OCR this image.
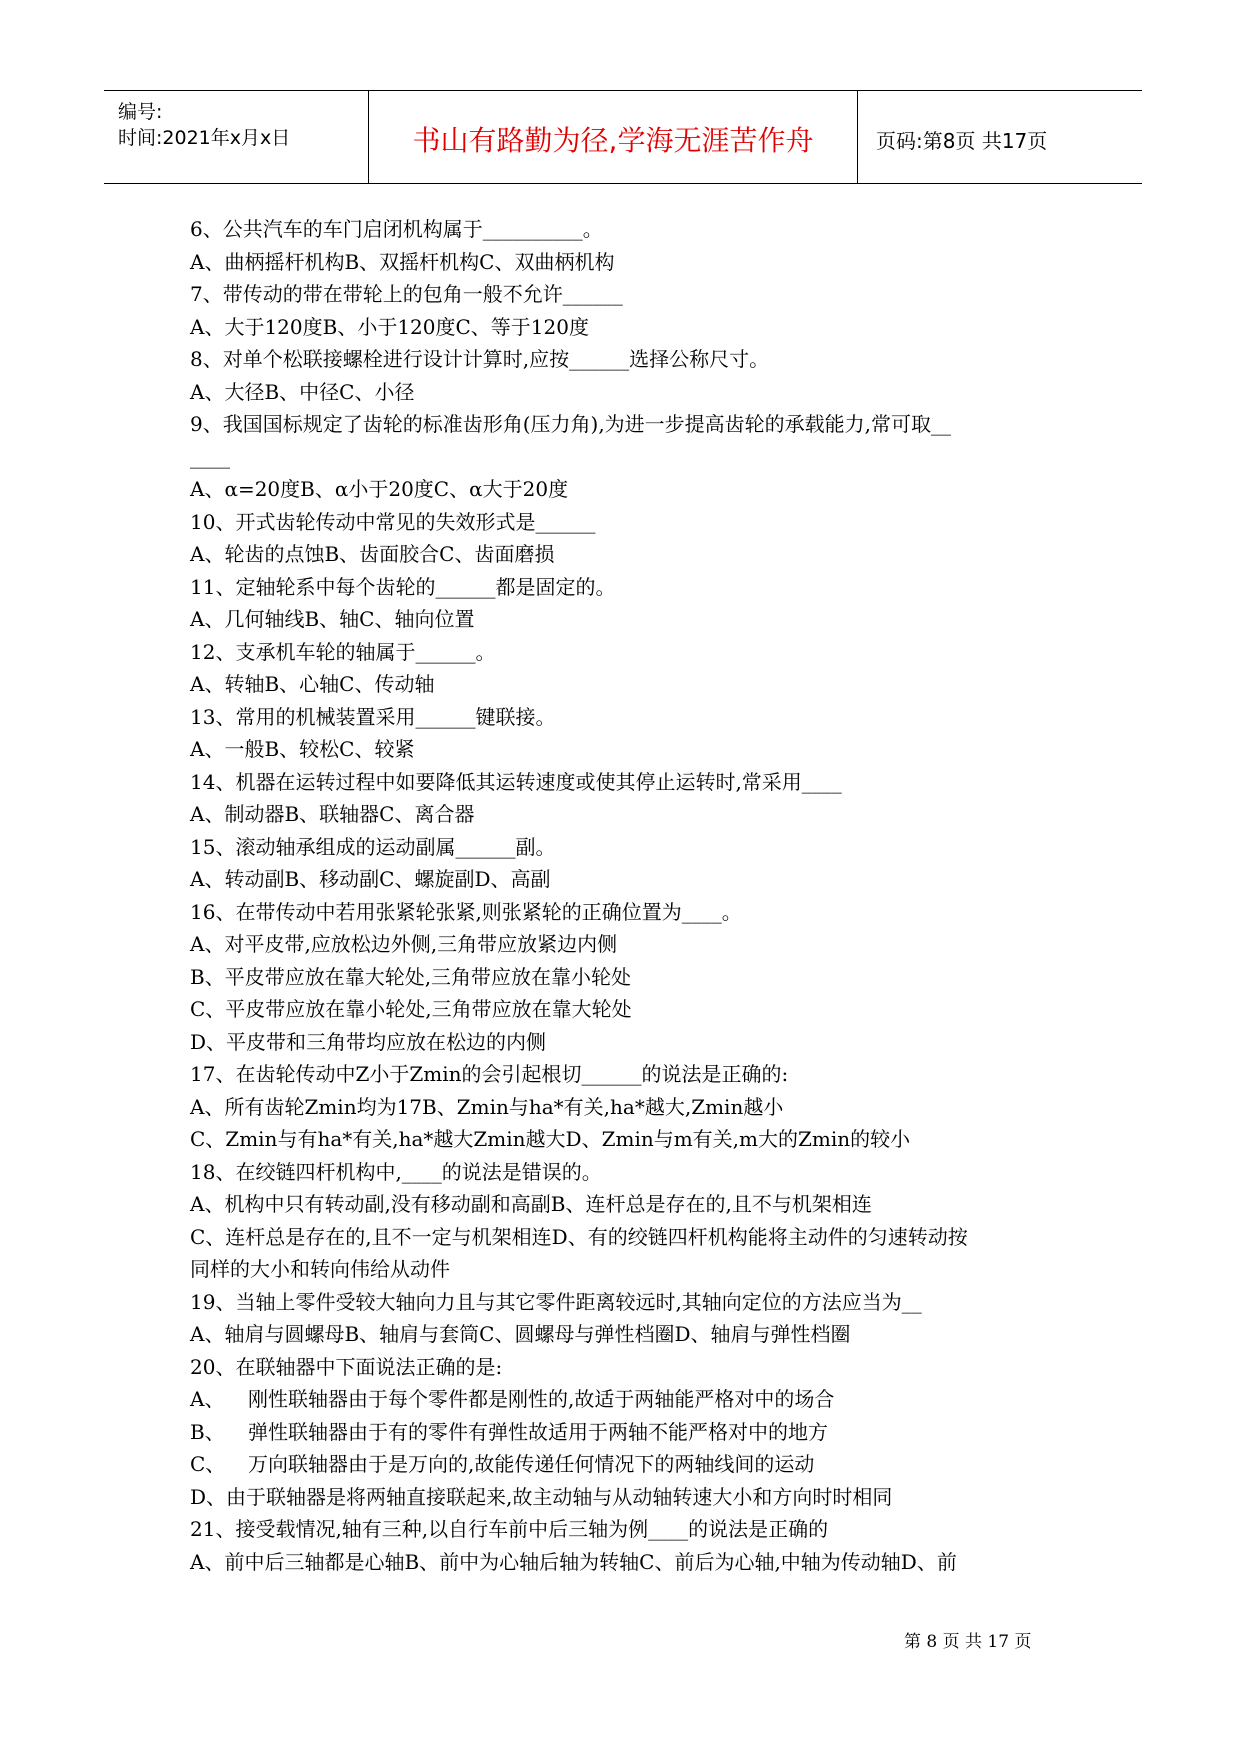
编号:
时间:2021年x月x日	书山有路勤为径,学海无涯苦作舟	页码:第8页 共17页
6、公共汽车的车门启闭机构属于__________。
A、曲柄摇杆机构B、双摇杆机构C、双曲柄机构
7、带传动的带在带轮上的包角一般不允许______
A、大于120度B、小于120度C、等于120度
8、对单个松联接螺栓进行设计计算时,应按______选择公称尺寸。
A、大径B、中径C、小径
9、我国国标规定了齿轮的标准齿形角(压力角),为进一步提高齿轮的承载能力,常可取__
____
A、α=20度B、α小于20度C、α大于20度
10、开式齿轮传动中常见的失效形式是______
A、轮齿的点蚀B、齿面胶合C、齿面磨损
11、定轴轮系中每个齿轮的______都是固定的。
A、几何轴线B、轴C、轴向位置
12、支承机车轮的轴属于______。
A、转轴B、心轴C、传动轴
13、常用的机械装置采用______键联接。
A、一般B、较松C、较紧
14、机器在运转过程中如要降低其运转速度或使其停止运转时,常采用____
A、制动器B、联轴器C、离合器
15、滚动轴承组成的运动副属______副。
A、转动副B、移动副C、螺旋副D、高副
16、在带传动中若用张紧轮张紧,则张紧轮的正确位置为____。
A、对平皮带,应放松边外侧,三角带应放紧边内侧
B、平皮带应放在靠大轮处,三角带应放在靠小轮处
C、平皮带应放在靠小轮处,三角带应放在靠大轮处
D、平皮带和三角带均应放在松边的内侧
17、在齿轮传动中Z小于Zmin的会引起根切______的说法是正确的:
A、所有齿轮Zmin均为17B、Zmin与ha*有关,ha*越大,Zmin越小
C、Zmin与有ha*有关,ha*越大Zmin越大D、Zmin与m有关,m大的Zmin的较小
18、在绞链四杆机构中,____的说法是错误的。
A、机构中只有转动副,没有移动副和高副B、连杆总是存在的,且不与机架相连
C、连杆总是存在的,且不一定与机架相连D、有的绞链四杆机构能将主动件的匀速转动按
同样的大小和转向伟给从动件
19、当轴上零件受较大轴向力且与其它零件距离较远时,其轴向定位的方法应当为__
A、轴肩与圆螺母B、轴肩与套筒C、圆螺母与弹性档圈D、轴肩与弹性档圈
20、在联轴器中下面说法正确的是:
A、 刚性联轴器由于每个零件都是刚性的,故适于两轴能严格对中的场合
B、 弹性联轴器由于有的零件有弹性故适用于两轴不能严格对中的地方
C、 万向联轴器由于是万向的,故能传递任何情况下的两轴线间的运动
D、由于联轴器是将两轴直接联起来,故主动轴与从动轴转速大小和方向时时相同
21、接受载情况,轴有三种,以自行车前中后三轴为例____的说法是正确的
A、前中后三轴都是心轴B、前中为心轴后轴为转轴C、前后为心轴,中轴为传动轴D、前
第 8 页 共 17 页
